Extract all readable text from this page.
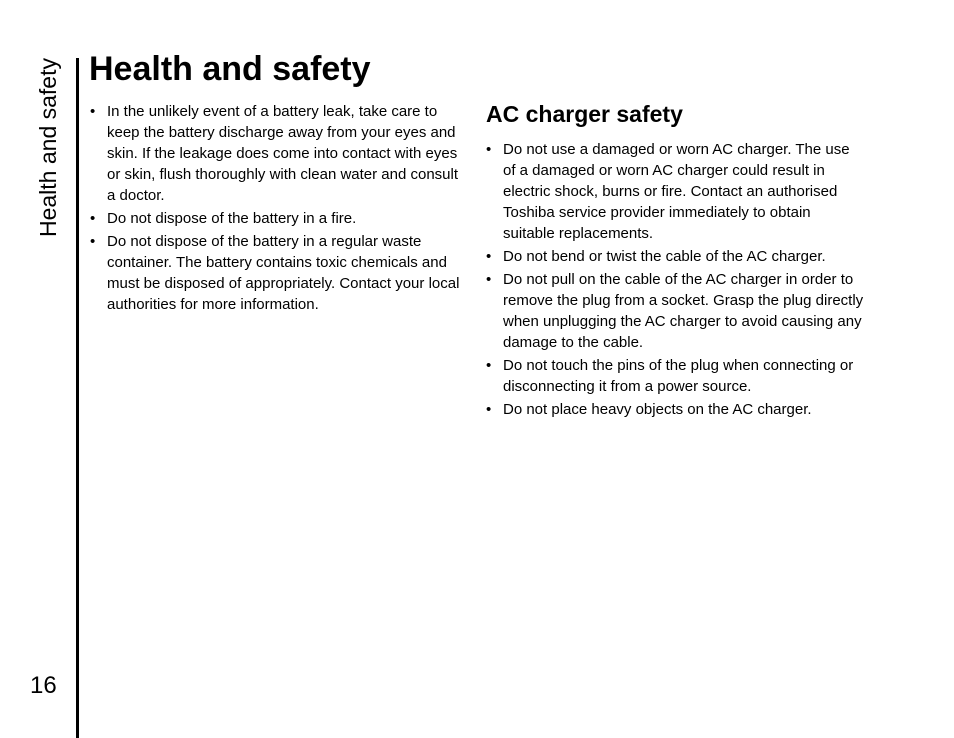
Health and safety
16
Health and safety
• In the unlikely event of a battery leak, take care to keep the battery discharge away from your eyes and skin. If the leakage does come into contact with eyes or skin, flush thoroughly with clean water and consult a doctor.
• Do not dispose of the battery in a fire.
• Do not dispose of the battery in a regular waste container. The battery contains toxic chemicals and must be disposed of appropriately. Contact your local authorities for more information.
AC charger safety
• Do not use a damaged or worn AC charger. The use of a damaged or worn AC charger could result in electric shock, burns or fire. Contact an authorised Toshiba service provider immediately to obtain suitable replacements.
• Do not bend or twist the cable of the AC charger.
• Do not pull on the cable of the AC charger in order to remove the plug from a socket. Grasp the plug directly when unplugging the AC charger to avoid causing any damage to the cable.
• Do not touch the pins of the plug when connecting or disconnecting it from a power source.
• Do not place heavy objects on the AC charger.
